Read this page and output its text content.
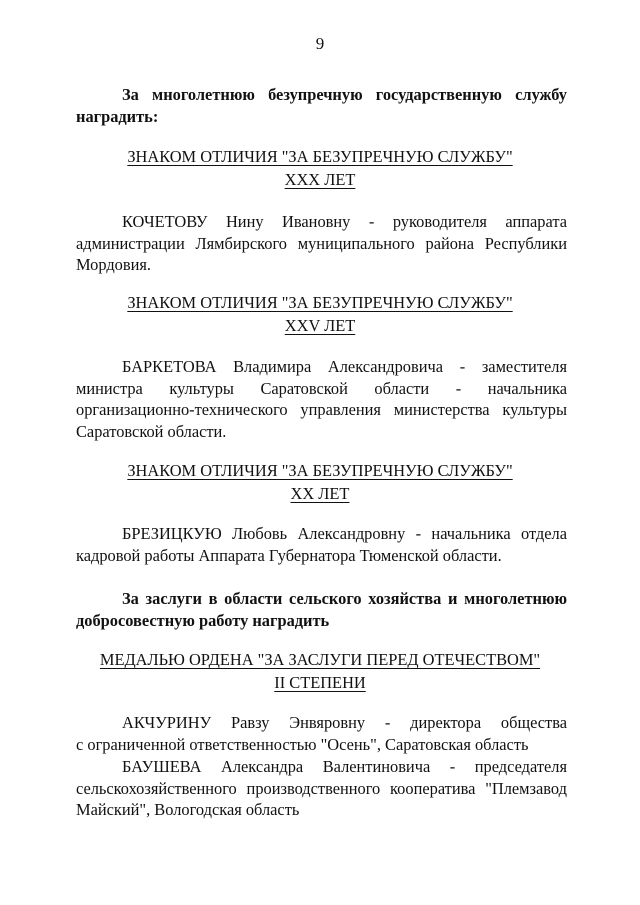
9
За многолетнюю безупречную государственную службу
наградить:
ЗНАКОМ ОТЛИЧИЯ "ЗА БЕЗУПРЕЧНУЮ СЛУЖБУ"
XXX ЛЕТ
КОЧЕТОВУ Нину Ивановну - руководителя аппарата
администрации Лямбирского муниципального района Республики
Мордовия.
ЗНАКОМ ОТЛИЧИЯ "ЗА БЕЗУПРЕЧНУЮ СЛУЖБУ"
XXV ЛЕТ
БАРКЕТОВА Владимира Александровича - заместителя
министра культуры Саратовской области - начальника
организационно-технического управления министерства культуры
Саратовской области.
ЗНАКОМ ОТЛИЧИЯ "ЗА БЕЗУПРЕЧНУЮ СЛУЖБУ"
XX ЛЕТ
БРЕЗИЦКУЮ Любовь Александровну - начальника отдела
кадровой работы Аппарата Губернатора Тюменской области.
За заслуги в области сельского хозяйства и многолетнюю
добросовестную работу наградить
МЕДАЛЬЮ ОРДЕНА "ЗА ЗАСЛУГИ ПЕРЕД ОТЕЧЕСТВОМ"
II СТЕПЕНИ
АКЧУРИНУ Равзу Энвяровну - директора общества
с ограниченной ответственностью "Осень", Саратовская область
БАУШЕВА Александра Валентиновича - председателя
сельскохозяйственного производственного кооператива "Племзавод
Майский", Вологодская область
